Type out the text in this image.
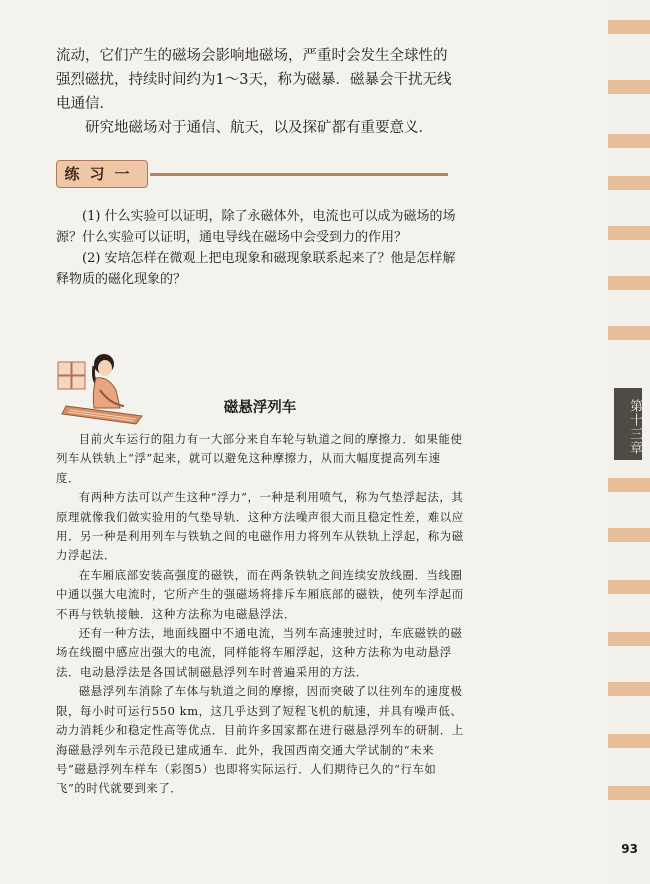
第十三章
93

流动，它们产生的磁场会影响地磁场，严重时会发生全球性的强烈磁扰，持续时间约为1～3天，称为磁暴．磁暴会干扰无线电通信．

研究地磁场对于通信、航天，以及探矿都有重要意义．

练习一

(1) 什么实验可以证明，除了永磁体外，电流也可以成为磁场的场源？什么实验可以证明，通电导线在磁场中会受到力的作用？

(2) 安培怎样在微观上把电现象和磁现象联系起来了？他是怎样解释物质的磁化现象的？

磁悬浮列车

目前火车运行的阻力有一大部分来自车轮与轨道之间的摩擦力．如果能使列车从铁轨上“浮”起来，就可以避免这种摩擦力，从而大幅度提高列车速度．

有两种方法可以产生这种“浮力”，一种是利用喷气，称为气垫浮起法，其原理就像我们做实验用的气垫导轨．这种方法噪声很大而且稳定性差，难以应用．另一种是利用列车与铁轨之间的电磁作用力将列车从铁轨上浮起，称为磁力浮起法．

在车厢底部安装高强度的磁铁，而在两条铁轨之间连续安放线圈．当线圈中通以强大电流时，它所产生的强磁场将排斥车厢底部的磁铁，使列车浮起而不再与铁轨接触．这种方法称为电磁悬浮法．

还有一种方法，地面线圈中不通电流，当列车高速驶过时，车底磁铁的磁场在线圈中感应出强大的电流，同样能将车厢浮起，这种方法称为电动悬浮法．电动悬浮法是各国试制磁悬浮列车时普遍采用的方法．

磁悬浮列车消除了车体与轨道之间的摩擦，因而突破了以往列车的速度极限，每小时可运行550 km，这几乎达到了短程飞机的航速，并具有噪声低、动力消耗少和稳定性高等优点．目前许多国家都在进行磁悬浮列车的研制．上海磁悬浮列车示范段已建成通车．此外，我国西南交通大学试制的“未来号”磁悬浮列车样车（彩图5）也即将实际运行．人们期待已久的“行车如飞”的时代就要到来了．
